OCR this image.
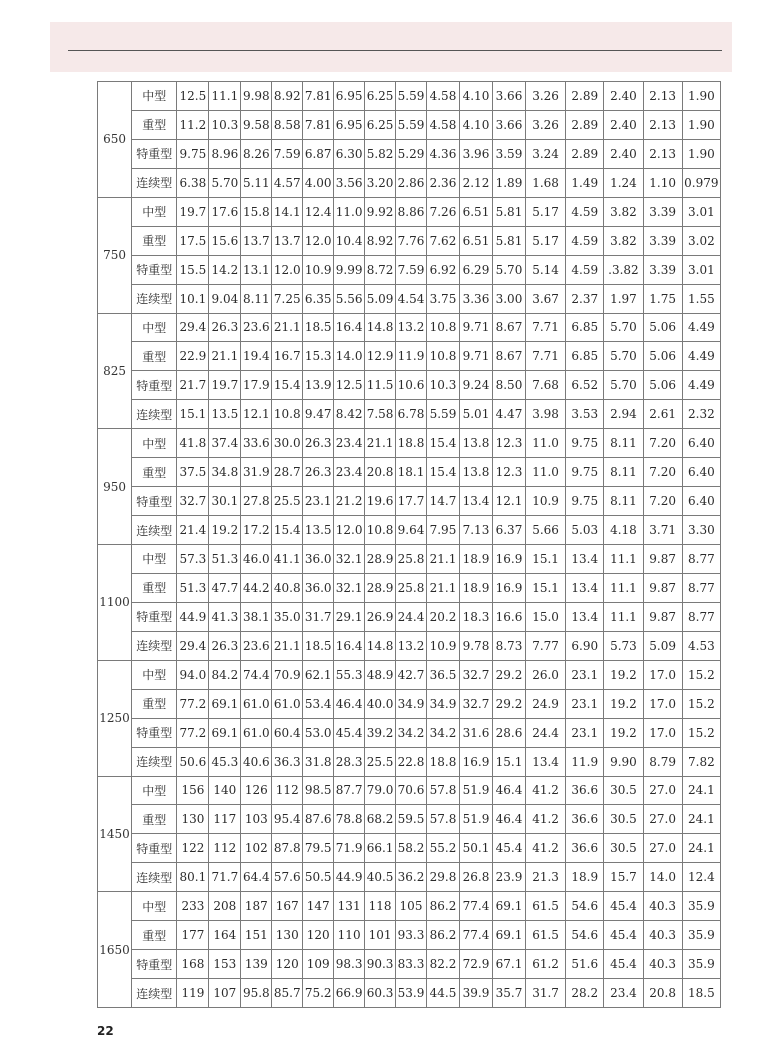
650	中型	12.5	11.1	9.98	8.92	7.81	6.95	6.25	5.59	4.58	4.10	3.66	3.26	2.89	2.40	2.13	1.90
	重型	11.2	10.3	9.58	8.58	7.81	6.95	6.25	5.59	4.58	4.10	3.66	3.26	2.89	2.40	2.13	1.90
	特重型	9.75	8.96	8.26	7.59	6.87	6.30	5.82	5.29	4.36	3.96	3.59	3.24	2.89	2.40	2.13	1.90
	连续型	6.38	5.70	5.11	4.57	4.00	3.56	3.20	2.86	2.36	2.12	1.89	1.68	1.49	1.24	1.10	0.979
750	中型	19.7	17.6	15.8	14.1	12.4	11.0	9.92	8.86	7.26	6.51	5.81	5.17	4.59	3.82	3.39	3.01
	重型	17.5	15.6	13.7	13.7	12.0	10.4	8.92	7.76	7.62	6.51	5.81	5.17	4.59	3.82	3.39	3.02
	特重型	15.5	14.2	13.1	12.0	10.9	9.99	8.72	7.59	6.92	6.29	5.70	5.14	4.59	.3.82	3.39	3.01
	连续型	10.1	9.04	8.11	7.25	6.35	5.56	5.09	4.54	3.75	3.36	3.00	3.67	2.37	1.97	1.75	1.55
825	中型	29.4	26.3	23.6	21.1	18.5	16.4	14.8	13.2	10.8	9.71	8.67	7.71	6.85	5.70	5.06	4.49
	重型	22.9	21.1	19.4	16.7	15.3	14.0	12.9	11.9	10.8	9.71	8.67	7.71	6.85	5.70	5.06	4.49
	特重型	21.7	19.7	17.9	15.4	13.9	12.5	11.5	10.6	10.3	9.24	8.50	7.68	6.52	5.70	5.06	4.49
	连续型	15.1	13.5	12.1	10.8	9.47	8.42	7.58	6.78	5.59	5.01	4.47	3.98	3.53	2.94	2.61	2.32
950	中型	41.8	37.4	33.6	30.0	26.3	23.4	21.1	18.8	15.4	13.8	12.3	11.0	9.75	8.11	7.20	6.40
	重型	37.5	34.8	31.9	28.7	26.3	23.4	20.8	18.1	15.4	13.8	12.3	11.0	9.75	8.11	7.20	6.40
	特重型	32.7	30.1	27.8	25.5	23.1	21.2	19.6	17.7	14.7	13.4	12.1	10.9	9.75	8.11	7.20	6.40
	连续型	21.4	19.2	17.2	15.4	13.5	12.0	10.8	9.64	7.95	7.13	6.37	5.66	5.03	4.18	3.71	3.30
1100	中型	57.3	51.3	46.0	41.1	36.0	32.1	28.9	25.8	21.1	18.9	16.9	15.1	13.4	11.1	9.87	8.77
	重型	51.3	47.7	44.2	40.8	36.0	32.1	28.9	25.8	21.1	18.9	16.9	15.1	13.4	11.1	9.87	8.77
	特重型	44.9	41.3	38.1	35.0	31.7	29.1	26.9	24.4	20.2	18.3	16.6	15.0	13.4	11.1	9.87	8.77
	连续型	29.4	26.3	23.6	21.1	18.5	16.4	14.8	13.2	10.9	9.78	8.73	7.77	6.90	5.73	5.09	4.53
1250	中型	94.0	84.2	74.4	70.9	62.1	55.3	48.9	42.7	36.5	32.7	29.2	26.0	23.1	19.2	17.0	15.2
	重型	77.2	69.1	61.0	61.0	53.4	46.4	40.0	34.9	34.9	32.7	29.2	24.9	23.1	19.2	17.0	15.2
	特重型	77.2	69.1	61.0	60.4	53.0	45.4	39.2	34.2	34.2	31.6	28.6	24.4	23.1	19.2	17.0	15.2
	连续型	50.6	45.3	40.6	36.3	31.8	28.3	25.5	22.8	18.8	16.9	15.1	13.4	11.9	9.90	8.79	7.82
1450	中型	156	140	126	112	98.5	87.7	79.0	70.6	57.8	51.9	46.4	41.2	36.6	30.5	27.0	24.1
	重型	130	117	103	95.4	87.6	78.8	68.2	59.5	57.8	51.9	46.4	41.2	36.6	30.5	27.0	24.1
	特重型	122	112	102	87.8	79.5	71.9	66.1	58.2	55.2	50.1	45.4	41.2	36.6	30.5	27.0	24.1
	连续型	80.1	71.7	64.4	57.6	50.5	44.9	40.5	36.2	29.8	26.8	23.9	21.3	18.9	15.7	14.0	12.4
1650	中型	233	208	187	167	147	131	118	105	86.2	77.4	69.1	61.5	54.6	45.4	40.3	35.9
	重型	177	164	151	130	120	110	101	93.3	86.2	77.4	69.1	61.5	54.6	45.4	40.3	35.9
	特重型	168	153	139	120	109	98.3	90.3	83.3	82.2	72.9	67.1	61.2	51.6	45.4	40.3	35.9
	连续型	119	107	95.8	85.7	75.2	66.9	60.3	53.9	44.5	39.9	35.7	31.7	28.2	23.4	20.8	18.5
22
